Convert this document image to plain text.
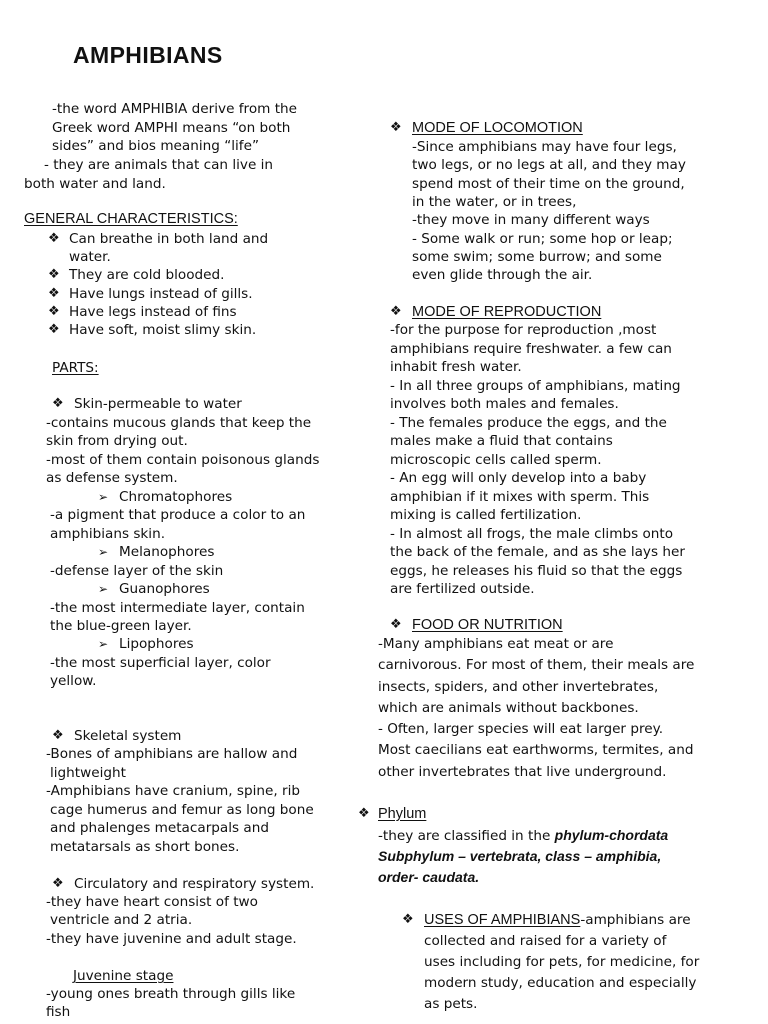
AMPHIBIANS
-the word AMPHIBIA derive from the
Greek word AMPHI means “on both
sides” and bios meaning “life”
- they are animals that can live in
both water and land.
GENERAL CHARACTERISTICS:
❖ Can breathe in both land and
water.
❖ They are cold blooded.
❖ Have lungs instead of gills.
❖ Have legs instead of fins
❖ Have soft, moist slimy skin.
PARTS:
❖ Skin-permeable to water
-contains mucous glands that keep the
skin from drying out.
-most of them contain poisonous glands
as defense system.
➢ Chromatophores
-a pigment that produce a color to an
amphibians skin.
➢ Melanophores
-defense layer of the skin
➢ Guanophores
-the most intermediate layer, contain
the blue-green layer.
➢ Lipophores
-the most superficial layer, color
yellow.
❖ Skeletal system
-Bones of amphibians are hallow and
lightweight
-Amphibians have cranium, spine, rib
cage humerus and femur as long bone
and phalenges metacarpals and
metatarsals as short bones.
❖ Circulatory and respiratory system.
-they have heart consist of two
ventricle and 2 atria.
-they have juvenine and adult stage.
Juvenine stage
-young ones breath through gills like
fish
❖ MODE OF LOCOMOTION
-Since amphibians may have four legs,
two legs, or no legs at all, and they may
spend most of their time on the ground,
in the water, or in trees,
-they move in many different ways
- Some walk or run; some hop or leap;
some swim; some burrow; and some
even glide through the air.
❖ MODE OF REPRODUCTION
-for the purpose for reproduction ,most
amphibians require freshwater. a few can
inhabit fresh water.
- In all three groups of amphibians, mating
involves both males and females.
- The females produce the eggs, and the
males make a fluid that contains
microscopic cells called sperm.
- An egg will only develop into a baby
amphibian if it mixes with sperm. This
mixing is called fertilization.
- In almost all frogs, the male climbs onto
the back of the female, and as she lays her
eggs, he releases his fluid so that the eggs
are fertilized outside.
❖ FOOD OR NUTRITION
-Many amphibians eat meat or are
carnivorous. For most of them, their meals are
insects, spiders, and other invertebrates,
which are animals without backbones.
- Often, larger species will eat larger prey.
Most caecilians eat earthworms, termites, and
other invertebrates that live underground.
❖ Phylum
-they are classified in the phylum-chordata
Subphylum – vertebrata, class – amphibia,
order- caudata.
❖ USES OF AMPHIBIANS-amphibians are
collected and raised for a variety of
uses including for pets, for medicine, for
modern study, education and especially
as pets.
